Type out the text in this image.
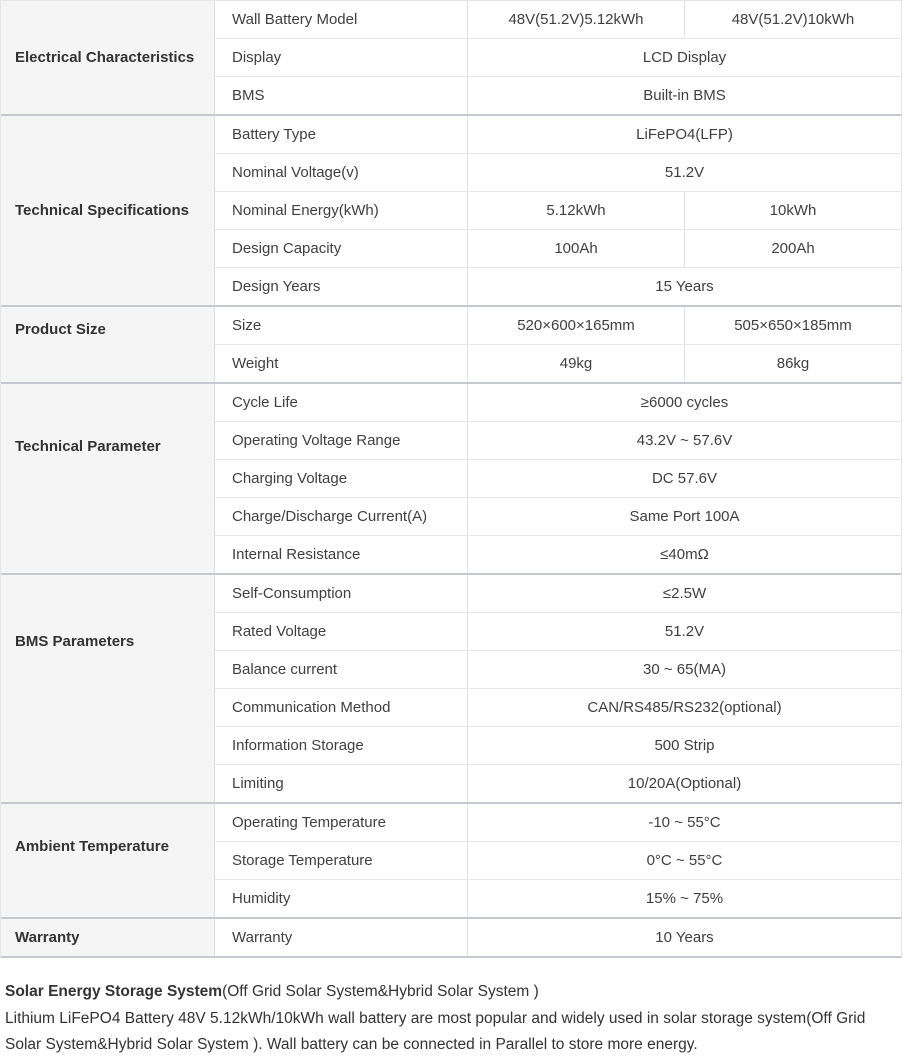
Electrical Characteristics
Wall Battery Model	48V(51.2V)5.12kWh	48V(51.2V)10kWh
Display	LCD Display
BMS	Built-in BMS
Technical Specifications
Battery Type	LiFePO4(LFP)
Nominal Voltage(v)	51.2V
Nominal Energy(kWh)	5.12kWh	10kWh
Design Capacity	100Ah	200Ah
Design Years	15 Years
Product Size	Size	520×600×165mm	505×650×185mm
Weight	49kg	86kg
Technical Parameter
Cycle Life	≥6000 cycles
Operating Voltage Range	43.2V ~ 57.6V
Charging Voltage	DC 57.6V
Charge/Discharge Current(A)	Same Port 100A
Internal Resistance	≤40mΩ
BMS Parameters
Self-Consumption	≤2.5W
Rated Voltage	51.2V
Balance current	30 ~ 65(MA)
Communication Method	CAN/RS485/RS232(optional)
Information Storage	500 Strip
Limiting	10/20A(Optional)
Ambient Temperature
Operating Temperature	-10 ~ 55°C
Storage Temperature	0°C ~ 55°C
Humidity	15% ~ 75%
Warranty	Warranty	10 Years
Solar Energy Storage System(Off Grid Solar System&Hybrid Solar System )
Lithium LiFePO4 Battery 48V 5.12kWh/10kWh wall battery are most popular and widely used in solar storage system(Off Grid Solar System&Hybrid Solar System ). Wall battery can be connected in Parallel to store more energy.
